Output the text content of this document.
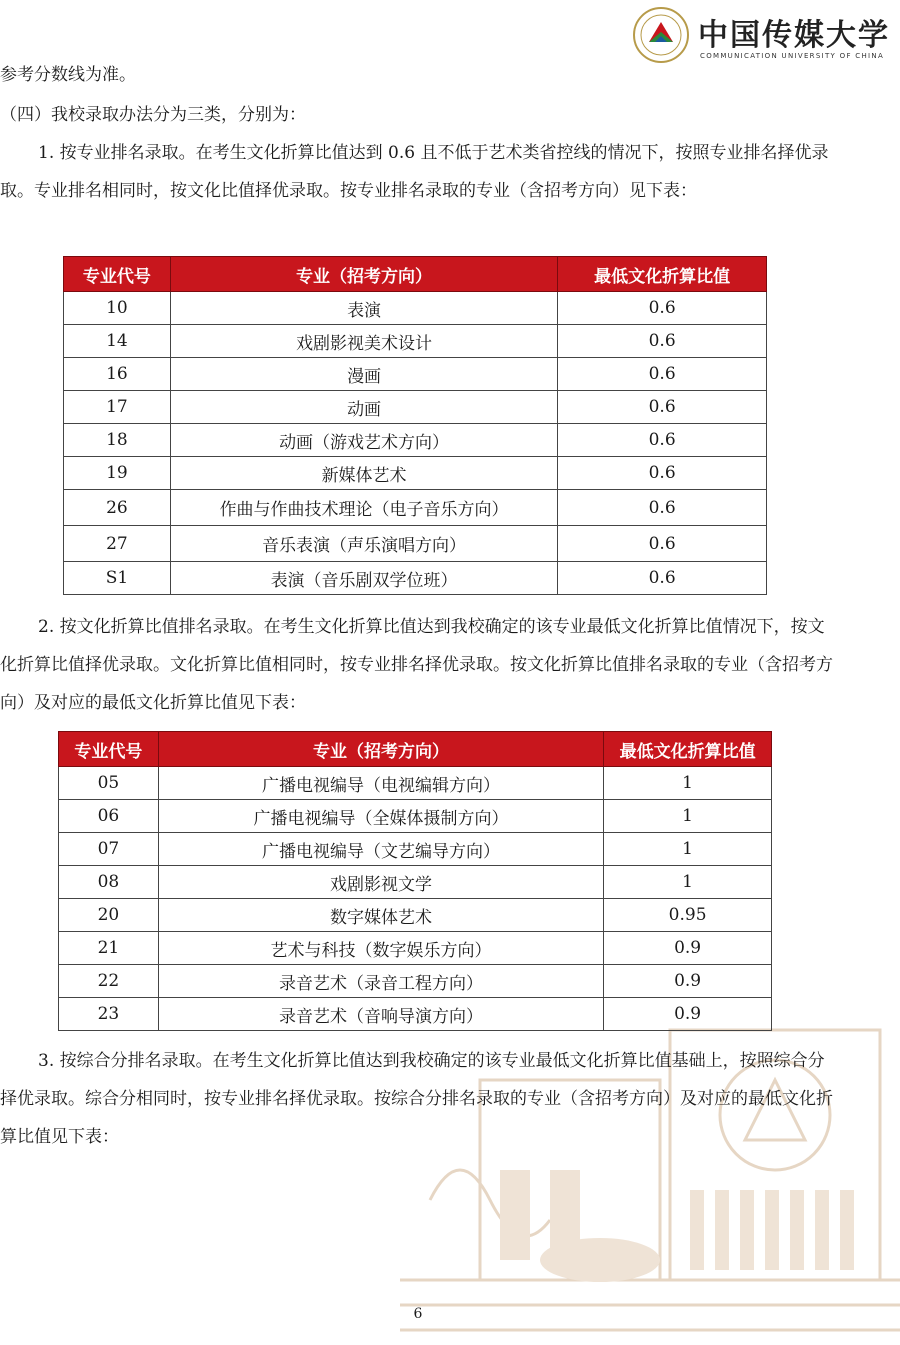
中国传媒大学
COMMUNICATION UNIVERSITY OF CHINA

参考分数线为准。

（四）我校录取办法分为三类，分别为：

1. 按专业排名录取。在考生文化折算比值达到 0.6 且不低于艺术类省控线的情况下，按照专业排名择优录取。专业排名相同时，按文化比值择优录取。按专业排名录取的专业（含招考方向）见下表：

专业代号	专业（招考方向）	最低文化折算比值
10	表演	0.6
14	戏剧影视美术设计	0.6
16	漫画	0.6
17	动画	0.6
18	动画（游戏艺术方向）	0.6
19	新媒体艺术	0.6
26	作曲与作曲技术理论（电子音乐方向）	0.6
27	音乐表演（声乐演唱方向）	0.6
S1	表演（音乐剧双学位班）	0.6

2. 按文化折算比值排名录取。在考生文化折算比值达到我校确定的该专业最低文化折算比值情况下，按文化折算比值择优录取。文化折算比值相同时，按专业排名择优录取。按文化折算比值排名录取的专业（含招考方向）及对应的最低文化折算比值见下表：

专业代号	专业（招考方向）	最低文化折算比值
05	广播电视编导（电视编辑方向）	1
06	广播电视编导（全媒体摄制方向）	1
07	广播电视编导（文艺编导方向）	1
08	戏剧影视文学	1
20	数字媒体艺术	0.95
21	艺术与科技（数字娱乐方向）	0.9
22	录音艺术（录音工程方向）	0.9
23	录音艺术（音响导演方向）	0.9

3. 按综合分排名录取。在考生文化折算比值达到我校确定的该专业最低文化折算比值基础上，按照综合分择优录取。综合分相同时，按专业排名择优录取。按综合分排名录取的专业（含招考方向）及对应的最低文化折算比值见下表：

6
